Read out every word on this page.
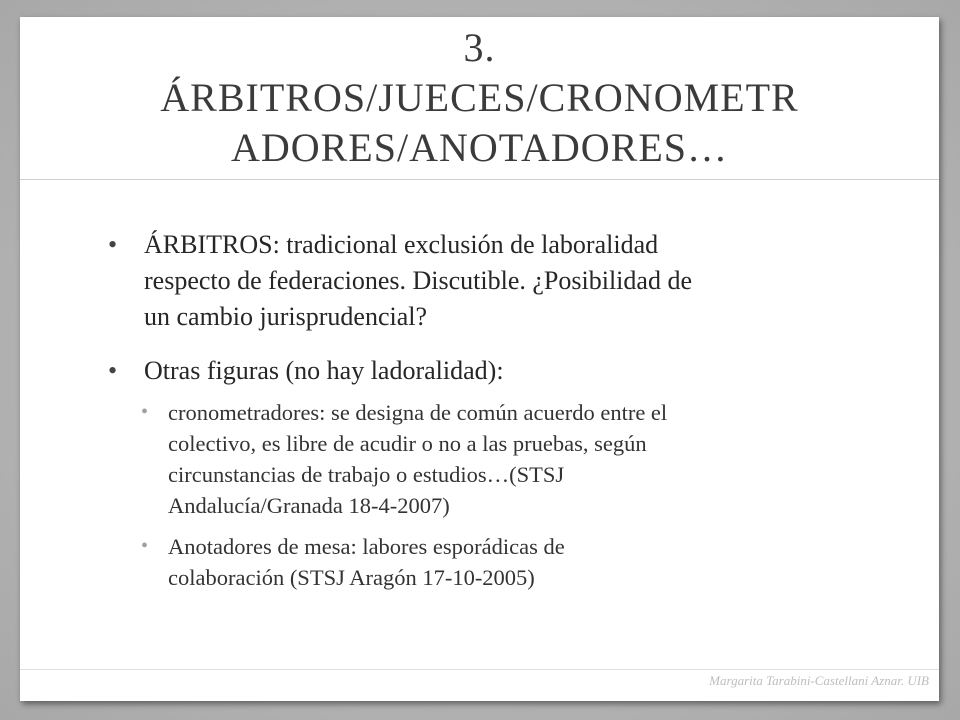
3.
ÁRBITROS/JUECES/CRONOMETR
ADORES/ANOTADORES…
• ÁRBITROS: tradicional exclusión de laboralidad
respecto de federaciones. Discutible. ¿Posibilidad de
un cambio jurisprudencial?
• Otras figuras (no hay ladoralidad):
• cronometradores: se designa de común acuerdo entre el
colectivo, es libre de acudir o no a las pruebas, según
circunstancias de trabajo o estudios…(STSJ
Andalucía/Granada 18-4-2007)
• Anotadores de mesa: labores esporádicas de
colaboración (STSJ Aragón 17-10-2005)
Margarita Tarabini-Castellani Aznar. UIB
